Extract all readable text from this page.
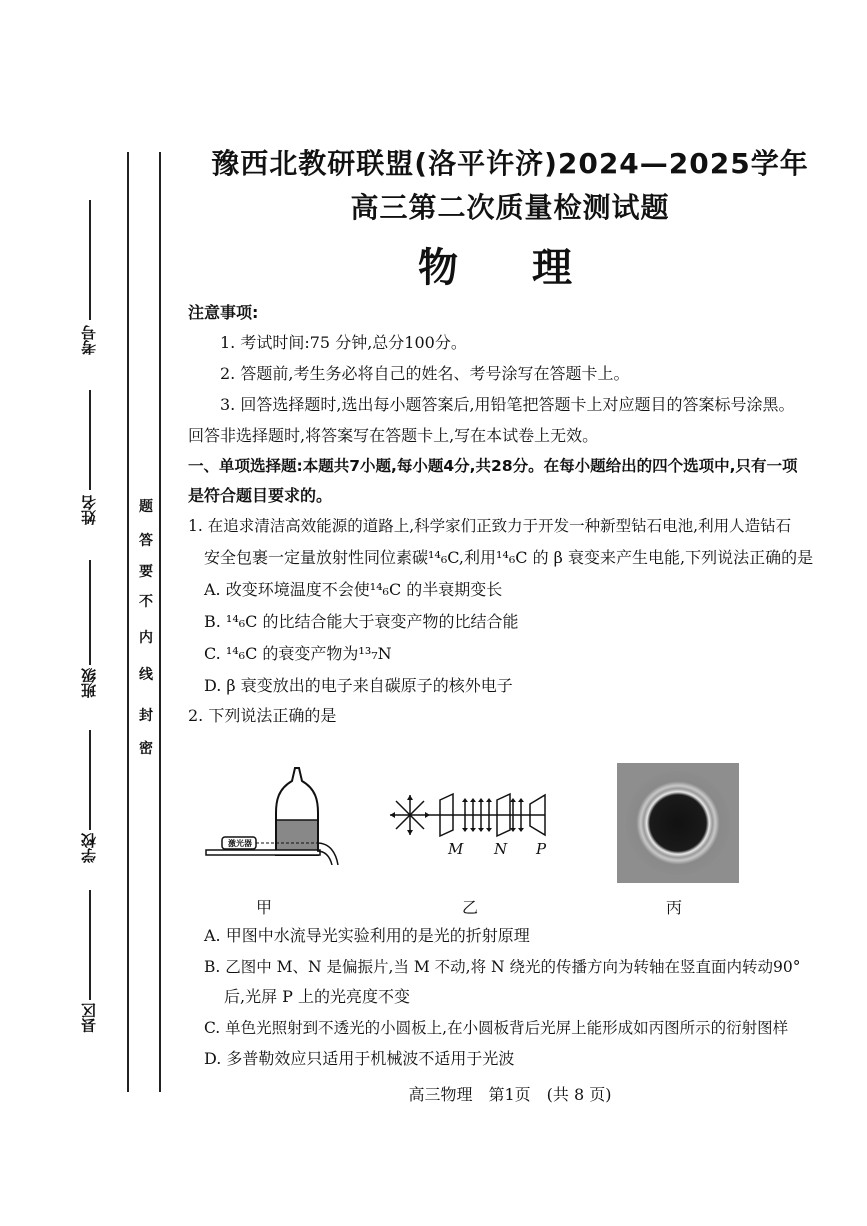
考号
姓名
班级
学校
县区
密
封
线
内
不
要
答
题
豫西北教研联盟(洛平许济)2024—2025学年
高三第二次质量检测试题
物 理
注意事项:
1. 考试时间:75 分钟,总分100分。
2. 答题前,考生务必将自己的姓名、考号涂写在答题卡上。
3. 回答选择题时,选出每小题答案后,用铅笔把答题卡上对应题目的答案标号涂黑。
回答非选择题时,将答案写在答题卡上,写在本试卷上无效。
一、单项选择题:本题共7小题,每小题4分,共28分。在每小题给出的四个选项中,只有一项
是符合题目要求的。
1. 在追求清洁高效能源的道路上,科学家们正致力于开发一种新型钻石电池,利用人造钻石
安全包裹一定量放射性同位素碳¹⁴₆C,利用¹⁴₆C 的 β 衰变来产生电能,下列说法正确的是
A. 改变环境温度不会使¹⁴₆C 的半衰期变长
B. ¹⁴₆C 的比结合能大于衰变产物的比结合能
C. ¹⁴₆C 的衰变产物为¹³₇N
D. β 衰变放出的电子来自碳原子的核外电子
2. 下列说法正确的是
激光器	M N P
甲	乙	丙
A. 甲图中水流导光实验利用的是光的折射原理
B. 乙图中 M、N 是偏振片,当 M 不动,将 N 绕光的传播方向为转轴在竖直面内转动90°
后,光屏 P 上的光亮度不变
C. 单色光照射到不透光的小圆板上,在小圆板背后光屏上能形成如丙图所示的衍射图样
D. 多普勒效应只适用于机械波不适用于光波
高三物理　第1页　(共 8 页)
